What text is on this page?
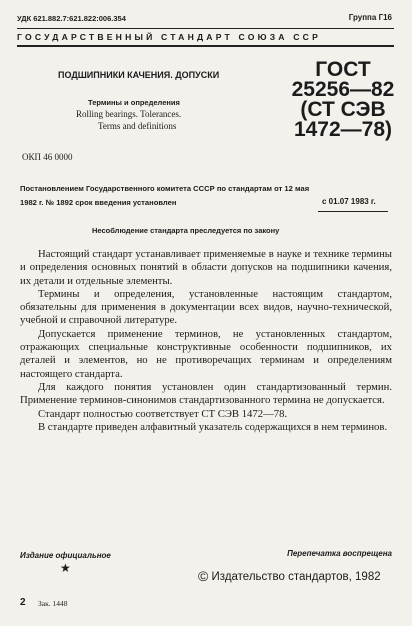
УДК 621.882.7:621.822:006.354	Группа Г16
ГОСУДАРСТВЕННЫЙ СТАНДАРТ СОЮЗА ССР
ПОДШИПНИКИ КАЧЕНИЯ. ДОПУСКИ
Термины и определения
Rolling bearings. Tolerances.
Terms and definitions
ОКП 46 0000
ГОСТ
25256—82
(СТ СЭВ
1472—78)
Постановлением Государственного комитета СССР по стандартам от 12 мая
1982 г. № 1892 срок введения установлен	с 01.07 1983 г.
Несоблюдение стандарта преследуется по закону

Настоящий стандарт устанавливает применяемые в науке и технике термины и определения основных понятий в области допусков на подшипники качения, их детали и отдельные элементы.

Термины и определения, установленные настоящим стандартом, обязательны для применения в документации всех видов, научно-технической, учебной и справочной литературе.

Допускается применение терминов, не установленных стандартом, отражающих специальные конструктивные особенности подшипников, их деталей и элементов, но не противоречащих терминам и определениям настоящего стандарта.

Для каждого понятия установлен один стандартизованный термин. Применение терминов-синонимов стандартизованного термина не допускается.

Стандарт полностью соответствует СТ СЭВ 1472—78.

В стандарте приведен алфавитный указатель содержащихся в нем терминов.

Издание официальное	Перепечатка воспрещена
★	© Издательство стандартов, 1982
2 Зак. 1448
